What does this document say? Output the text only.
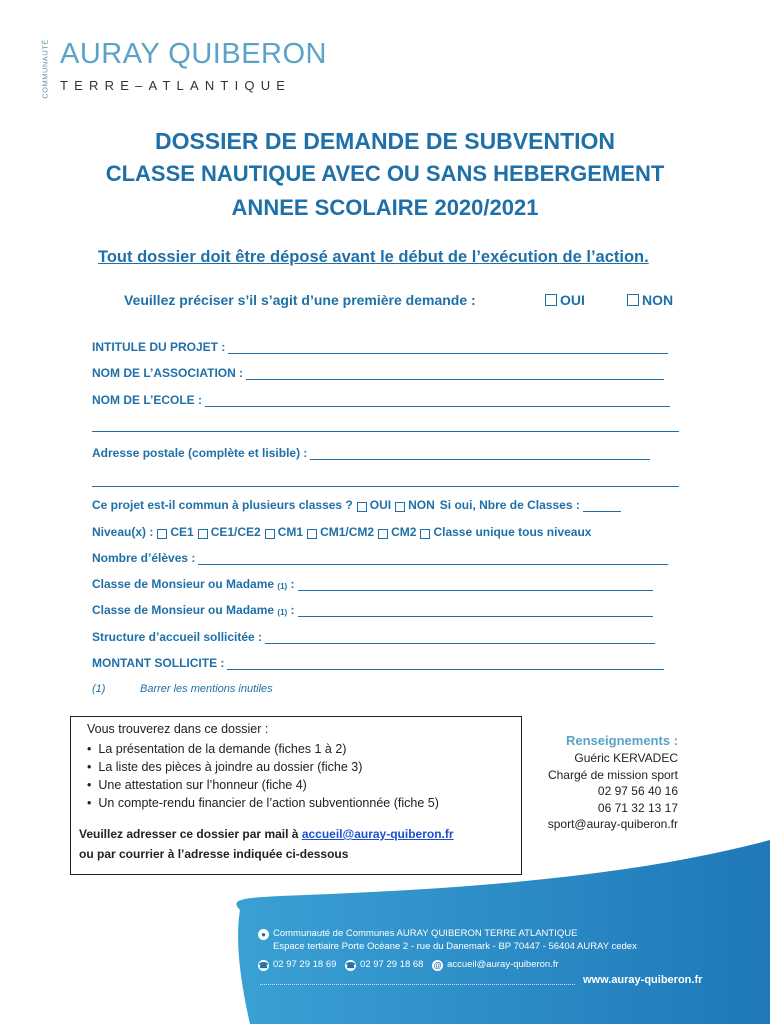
COMMUNAUTÉ AURAY QUIBERON
TERRE–ATLANTIQUE
DOSSIER DE DEMANDE DE SUBVENTION
CLASSE NAUTIQUE AVEC OU SANS HEBERGEMENT
ANNEE SCOLAIRE 2020/2021
Tout dossier doit être déposé avant le début de l’exécution de l’action.
Veuillez préciser s’il s’agit d’une première demande :	OUI	NON
INTITULE DU PROJET :
NOM DE L’ASSOCIATION :
NOM DE L’ECOLE :
Adresse postale (complète et lisible) :
Ce projet est-il commun à plusieurs classes ? OUI NON Si oui, Nbre de Classes :
Niveau(x) : CE1 CE1/CE2 CM1 CM1/CM2 CM2 Classe unique tous niveaux
Nombre d’élèves :
Classe de Monsieur ou Madame
$_{(1)}$
:
Classe de Monsieur ou Madame
$_{(1)}$
:
Structure d’accueil sollicitée :
MONTANT SOLLICITE :
(1)	Barrer les mentions inutiles
Vous trouverez dans ce dossier :
• La présentation de la demande (fiches 1 à 2)
• La liste des pièces à joindre au dossier (fiche 3)
• Une attestation sur l’honneur (fiche 4)
• Un compte-rendu financier de l’action subventionnée (fiche 5)
Veuillez adresser ce dossier par mail à accueil@auray-quiberon.fr
ou par courrier à l’adresse indiquée ci-dessous
Renseignements :
Guéric KERVADEC
Chargé de mission sport
02 97 56 40 16
06 71 32 13 17
sport@auray-quiberon.fr
● Communauté de Communes AURAY QUIBERON TERRE ATLANTIQUE
Espace tertiaire Porte Océane 2 - rue du Danemark - BP 70447 - 56404 AURAY cedex
☎ 02 97 29 18 69 ☎ 02 97 29 18 68 @ accueil@auray-quiberon.fr
www.auray-quiberon.fr
